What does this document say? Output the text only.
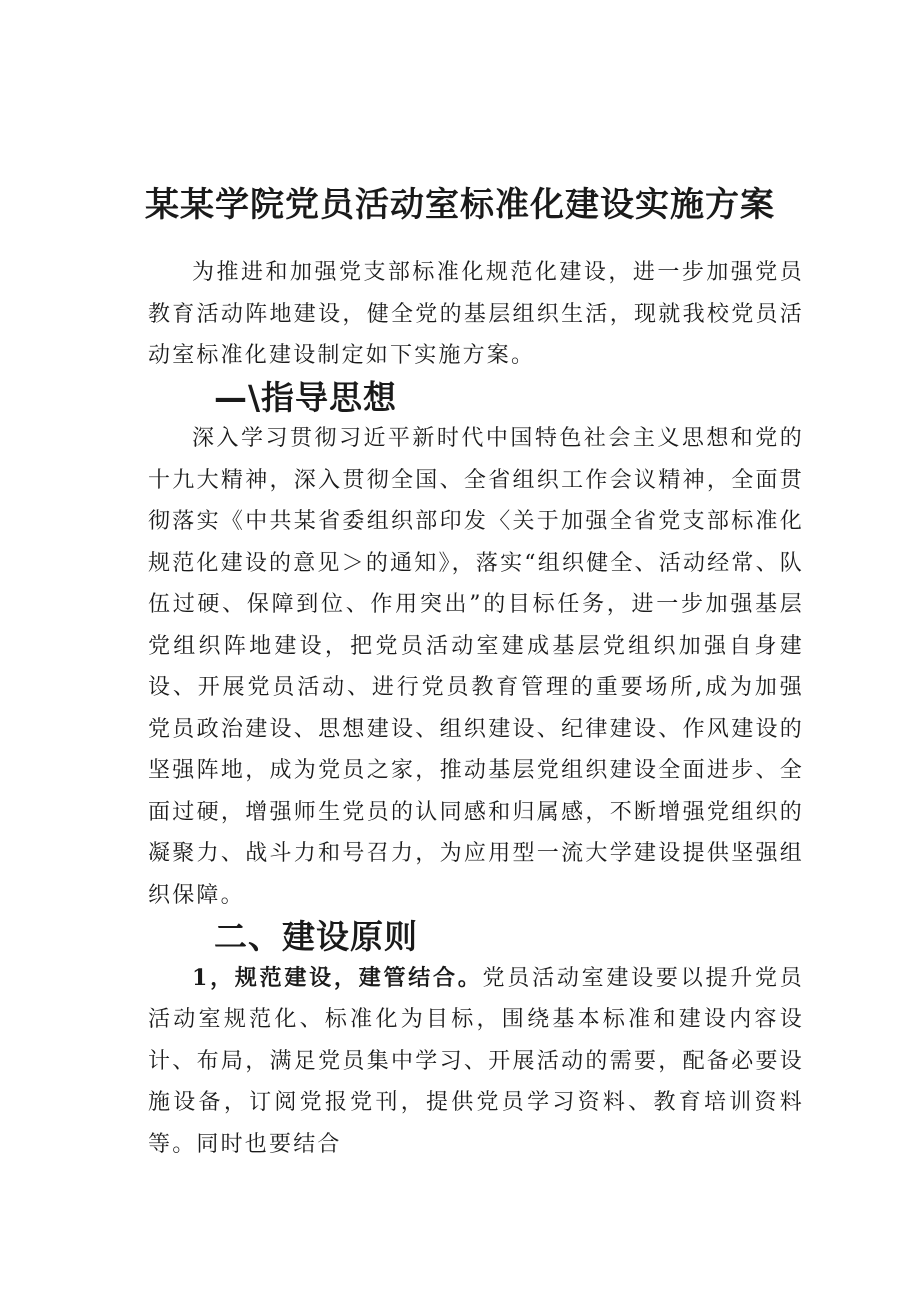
某某学院党员活动室标准化建设实施方案

为推进和加强党支部标准化规范化建设，进一步加强党员教育活动阵地建设，健全党的基层组织生活，现就我校党员活动室标准化建设制定如下实施方案。

—\指导思想

深入学习贯彻习近平新时代中国特色社会主义思想和党的十九大精神，深入贯彻全国、全省组织工作会议精神，全面贯彻落实《中共某省委组织部印发〈关于加强全省党支部标准化规范化建设的意见＞的通知》，落实“组织健全、活动经常、队伍过硬、保障到位、作用突出”的目标任务，进一步加强基层党组织阵地建设，把党员活动室建成基层党组织加强自身建设、开展党员活动、进行党员教育管理的重要场所,成为加强党员政治建设、思想建设、组织建设、纪律建设、作风建设的坚强阵地，成为党员之家，推动基层党组织建设全面进步、全面过硬，增强师生党员的认同感和归属感，不断增强党组织的凝聚力、战斗力和号召力，为应用型一流大学建设提供坚强组织保障。

二、建设原则

1，规范建设，建管结合。党员活动室建设要以提升党员活动室规范化、标准化为目标，围绕基本标准和建设内容设计、布局，满足党员集中学习、开展活动的需要，配备必要设施设备，订阅党报党刊，提供党员学习资料、教育培训资料等。同时也要结合
